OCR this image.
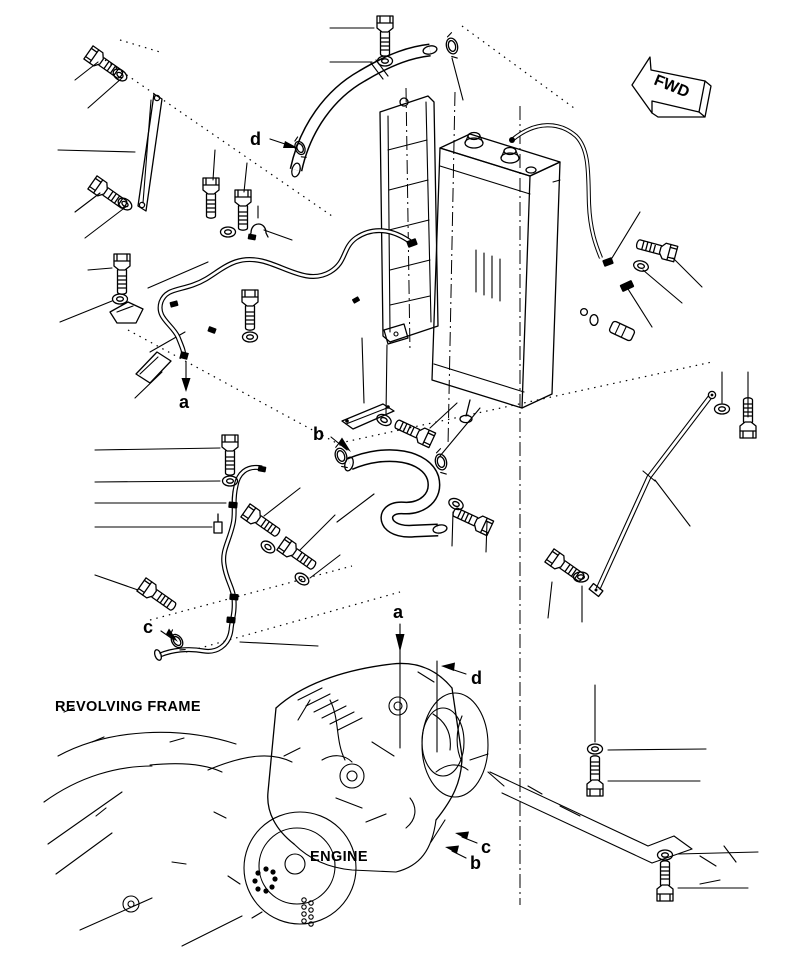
a
b
c
d
a
d
c
b
FWD
REVOLVING FRAME
ENGINE
